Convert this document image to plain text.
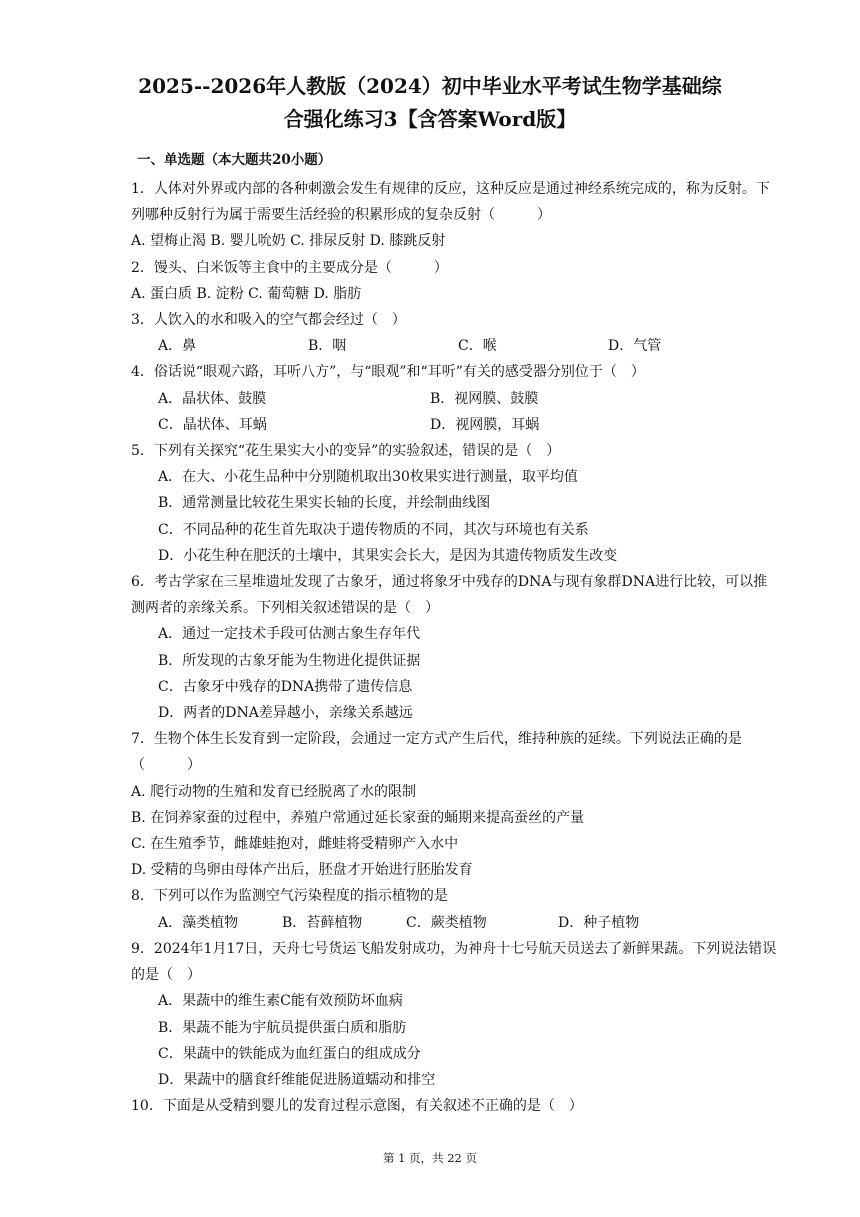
2025--2026年人教版（2024）初中毕业水平考试生物学基础综
合强化练习3【含答案Word版】
一、单选题（本大题共20小题）

1．人体对外界或内部的各种刺激会发生有规律的反应，这种反应是通过神经系统完成的，称为反射。下列哪种反射行为属于需要生活经验的积累形成的复杂反射（　　　）

A. 望梅止渴 B. 婴儿吮奶 C. 排尿反射 D. 膝跳反射

2．馒头、白米饭等主食中的主要成分是（　　　）

A. 蛋白质 B. 淀粉 C. 葡萄糖 D. 脂肪

3．人饮入的水和吸入的空气都会经过（　）

A．鼻	B．咽	C．喉	D．气管

4．俗话说“眼观六路，耳听八方”，与“眼观”和“耳听”有关的感受器分别位于（　）

A．晶状体、鼓膜	B．视网膜、鼓膜
C．晶状体、耳蜗	D．视网膜，耳蜗

5．下列有关探究“花生果实大小的变异”的实验叙述，错误的是（　）

A．在大、小花生品种中分别随机取出30枚果实进行测量，取平均值

B．通常测量比较花生果实长轴的长度，并绘制曲线图

C．不同品种的花生首先取决于遗传物质的不同，其次与环境也有关系

D．小花生种在肥沃的土壤中，其果实会长大，是因为其遗传物质发生改变

6．考古学家在三星堆遗址发现了古象牙，通过将象牙中残存的DNA与现有象群DNA进行比较，可以推测两者的亲缘关系。下列相关叙述错误的是（　）

A．通过一定技术手段可估测古象生存年代

B．所发现的古象牙能为生物进化提供证据

C．古象牙中残存的DNA携带了遗传信息

D．两者的DNA差异越小，亲缘关系越远

7．生物个体生长发育到一定阶段，会通过一定方式产生后代，维持种族的延续。下列说法正确的是（　　　）

A. 爬行动物的生殖和发育已经脱离了水的限制

B. 在饲养家蚕的过程中，养殖户常通过延长家蚕的蛹期来提高蚕丝的产量

C. 在生殖季节，雌雄蛙抱对，雌蛙将受精卵产入水中

D. 受精的鸟卵由母体产出后，胚盘才开始进行胚胎发育

8．下列可以作为监测空气污染程度的指示植物的是

A．藻类植物	B．苔藓植物	C．蕨类植物	D．种子植物

9．2024年1月17日，天舟七号货运飞船发射成功，为神舟十七号航天员送去了新鲜果蔬。下列说法错误的是（　）

A．果蔬中的维生素C能有效预防坏血病

B．果蔬不能为宇航员提供蛋白质和脂肪

C．果蔬中的铁能成为血红蛋白的组成成分

D．果蔬中的膳食纤维能促进肠道蠕动和排空

10．下面是从受精到婴儿的发育过程示意图，有关叙述不正确的是（　）

第 1 页，共 22 页
